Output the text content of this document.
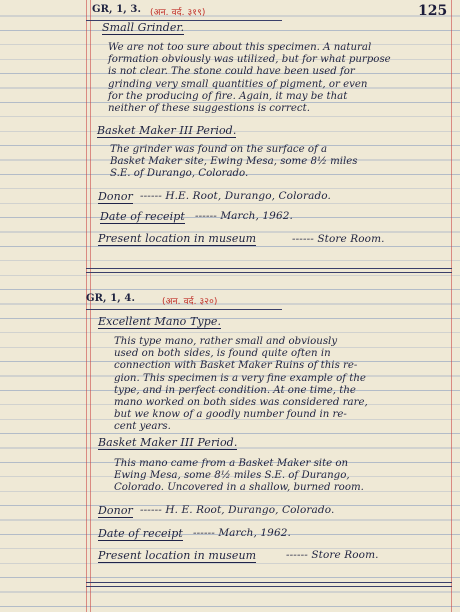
125
GR, 1, 3. (अन. वर्द. ३१९)
Small Grinder.
We are not too sure about this specimen. A natural
formation obviously was utilized, but for what purpose
is not clear. The stone could have been used for
grinding very small quantities of pigment, or even
for the producing of fire. Again, it may be that
neither of these suggestions is correct.
Basket Maker III Period.
The grinder was found on the surface of a
Basket Maker site, Ewing Mesa, some 8½ miles
S.E. of Durango, Colorado.
Donor ------ H.E. Root, Durango, Colorado.
Date of receipt ------ March, 1962.
Present location in museum	------ Store Room.
GR, 1, 4.	(अन. वर्द. ३२०)
Excellent Mano Type.
This type mano, rather small and obviously
used on both sides, is found quite often in
connection with Basket Maker Ruins of this re-
gion. This specimen is a very fine example of the
type, and in perfect condition. At one time, the
mano worked on both sides was considered rare,
but we know of a goodly number found in re-
cent years.
Basket Maker III Period.
This mano came from a Basket Maker site on
Ewing Mesa, some 8½ miles S.E. of Durango,
Colorado. Uncovered in a shallow, burned room.
Donor ------ H. E. Root, Durango, Colorado.
Date of receipt ------ March, 1962.
Present location in museum	------ Store Room.
